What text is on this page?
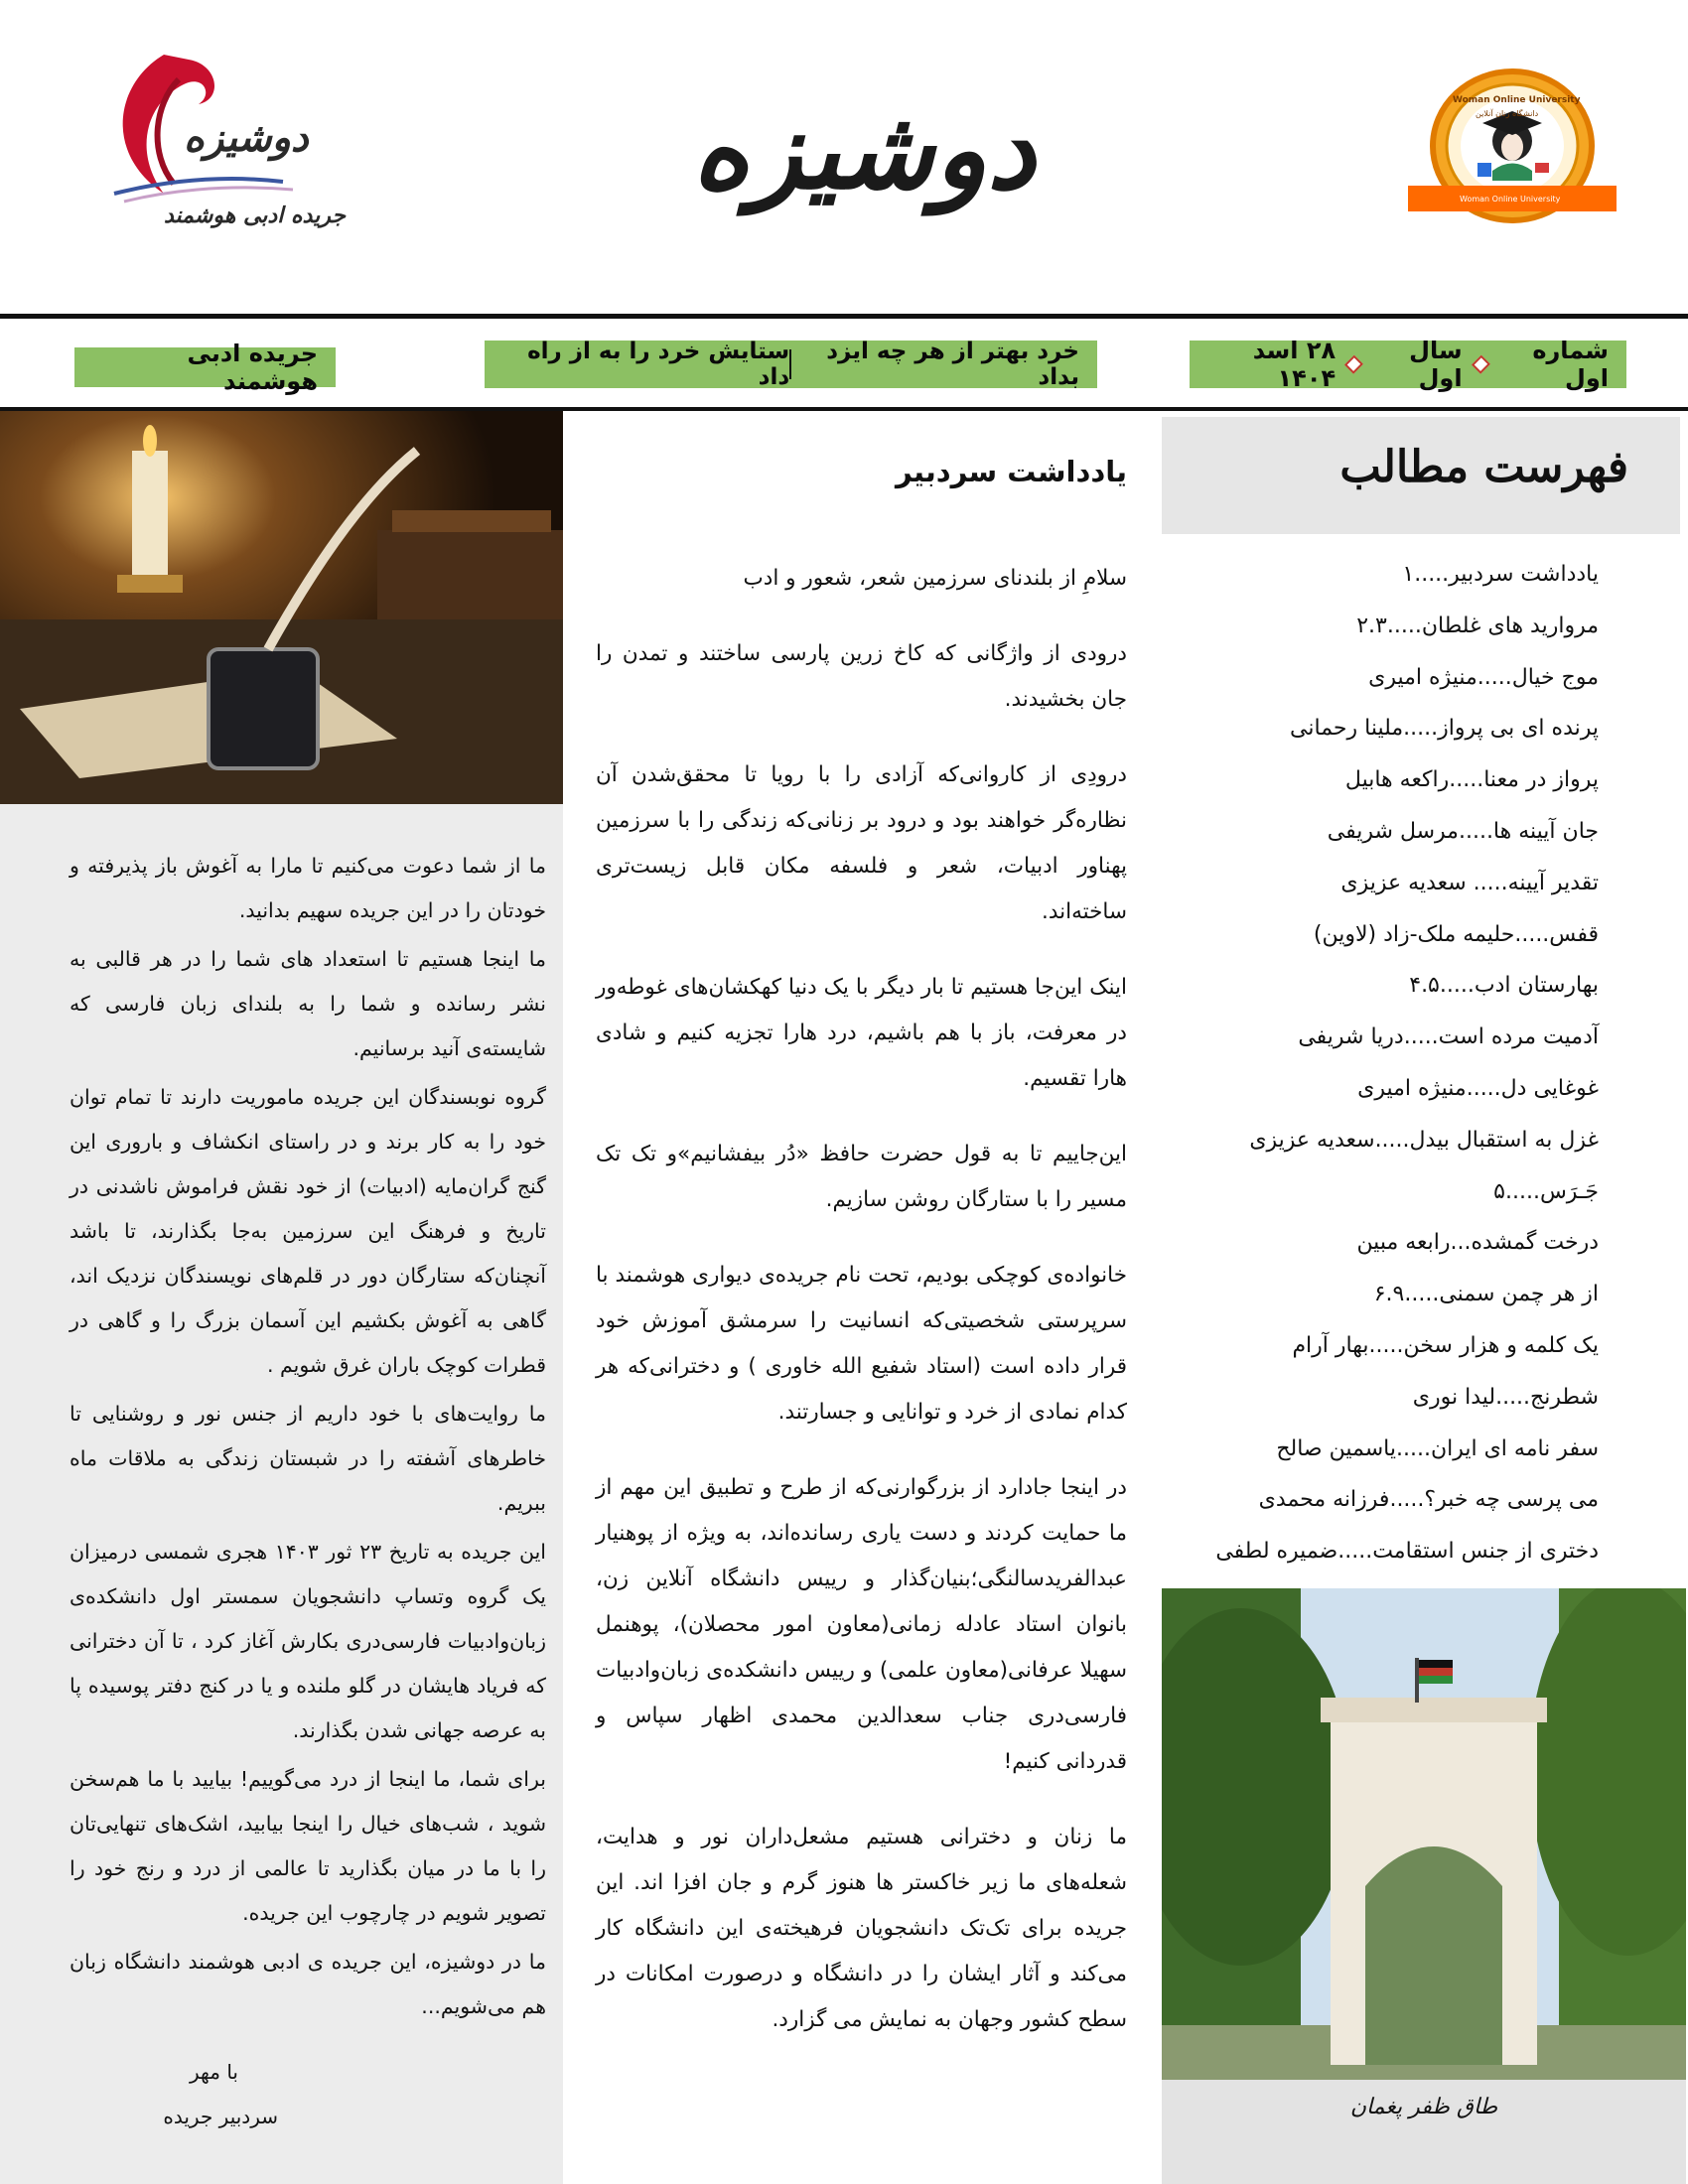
Woman Online University
دانشگاه زنان آنلاین
Woman Online University
دوشیزه
دوشیزه
جریده ادبی هوشمند
شماره اول
سال اول
۲۸ اسد ۱۴۰۴
خرد بهتر از هر چه ایزد بداد
ستایش خرد را به از راه داد
جریده ادبی هوشمند

ما از شما دعوت می‌کنیم تا مارا به آغوش باز پذیرفته و خودتان را در این جریده سهیم بدانید.

ما اینجا هستیم تا استعداد های شما را در هر قالبی به نشر رسانده و شما را به بلندای زبان فارسی که شایسته‌ی آنید برسانیم.

گروه نوبسندگان این جریده ماموریت دارند تا تمام توان خود را به کار برند و در راستای انکشاف و باروری این گنج گران‌مایه (ادبیات) از خود نقش فراموش ناشدنی در تاریخ و فرهنگ این سرزمین به‌جا بگذارند، تا باشد آنچنان‌که ستارگان دور در قلم‌های نویسندگان نزدیک اند، گاهی به آغوش بکشیم این آسمان بزرگ را و گاهی در قطرات کوچک باران غرق شویم .

ما روایت‌های با خود داریم از جنس نور و روشنایی تا خاطرهای آشفته را در شبستان زندگی به ملاقات ماه ببریم.

این جریده به تاریخ ۲۳ ثور ۱۴۰۳ هجری شمسی درمیزان یک گروه وتساپ دانشجویان سمستر اول دانشکده‌ی زبان‌وادبیات فارسی‌دری بکارش آغاز کرد ، تا آن دخترانی که فریاد هایشان در گلو ملنده و یا در کنج دفتر پوسیده پا به عرصه جهانی شدن بگذارند.

برای شما، ما اینجا از درد می‌گوییم! بیایید با ما هم‌سخن شوید ، شب‌های خیال را اینجا بیابید، اشک‌های تنهایی‌تان را با ما در میان بگذارید تا عالمی از درد و رنج خود را تصویر شویم در چارچوب این جریده.

ما در دوشیزه، این جریده ی ادبی هوشمند دانشگاه زبان هم می‌شویم...

با مهر
سردبیر جریده
یادداشت سردبیر

سلامِ از بلندنای سرزمین شعر، شعور و ادب

درودی از واژگانی که کاخ زرین پارسی ساختند و تمدن را جان بخشیدند.

درودِی از کاروانی‌که آزادی را با رویا تا محقق‌شدن آن نظاره‌گر خواهند بود و درود بر زنانی‌که زندگی را با سرزمین پهناور ادبیات، شعر و فلسفه مکان قابل زیست‌تری ساخته‌اند.

اینک این‌جا هستیم تا بار دیگر با یک دنیا کهکشان‌های غوطه‌ور در معرفت، باز با هم باشیم، درد هارا تجزیه کنیم و شادی هارا تقسیم.

این‌جاییم تا به قول حضرت حافظ «دُر بیفشانیم»و تک تک مسیر را با ستارگان روشن سازیم.

خانواده‌ی کوچکی بودیم، تحت نام جریده‌ی دیواری هوشمند با سرپرستی شخصیتی‌که انسانیت را سرمشق آموزش خود قرار داده است (استاد شفیع الله خاوری ) و دخترانی‌که هر کدام نمادی از خرد و توانایی و جسارتند.

در اینجا جادارد از بزرگوارنی‌که از طرح و تطبیق این مهم از ما حمایت کردند و دست یاری رسانده‌اند، به ویژه از پوهنیار عبدالفریدسالنگی؛بنیان‌گذار و رییس دانشگاه آنلاین زن، بانوان استاد عادله زمانی(معاون امور محصلان)، پوهنمل سهیلا عرفانی(معاون علمی) و رییس دانشکده‌ی زبان‌وادبیات فارسی‌دری جناب سعدالدین محمدی اظهار سپاس و قدردانی کنیم!

ما زنان و دخترانی هستیم مشعل‌داران نور و هدایت، شعله‌های ما زیر خاکستر ها هنوز گرم و جان افزا اند. این جریده برای تک‌تک دانشجویان فرهیخته‌ی این دانشگاه کار می‌کند و آثار ایشان را در دانشگاه و درصورت امکانات در سطح کشور وجهان به نمایش می گزارد.

فهرست مطالب
یادداشت سردبیر.....۱
مروارید های غلطان.....۲.۳
موج خیال.....منیژه امیری
پرنده ای بی پرواز.....ملینا رحمانی
پرواز در معنا.....راکعه هابیل
جان آیینه ها.....مرسل شریفی
تقدیر آیینه..... سعدیه عزیزی
قفس.....حلیمه ملک-زاد (لاوین)
بهارستان ادب.....۴.۵
آدمیت مرده است.....دریا شریفی
غوغایی دل.....منیژه امیری
غزل به استقبال بیدل.....سعدیه عزیزی
جَـرَس.....۵
درخت گمشده...رابعه مبین
از هر چمن سمنی.....۶.۹
یک کلمه و هزار سخن.....بهار آرام
شطرنج.....لیدا نوری
سفر نامه ای ایران.....یاسمین صالح
می پرسی چه خبر؟.....فرزانه محمدی
دختری از جنس استقامت.....ضمیره لطفی
طاق ظفر پغمان
